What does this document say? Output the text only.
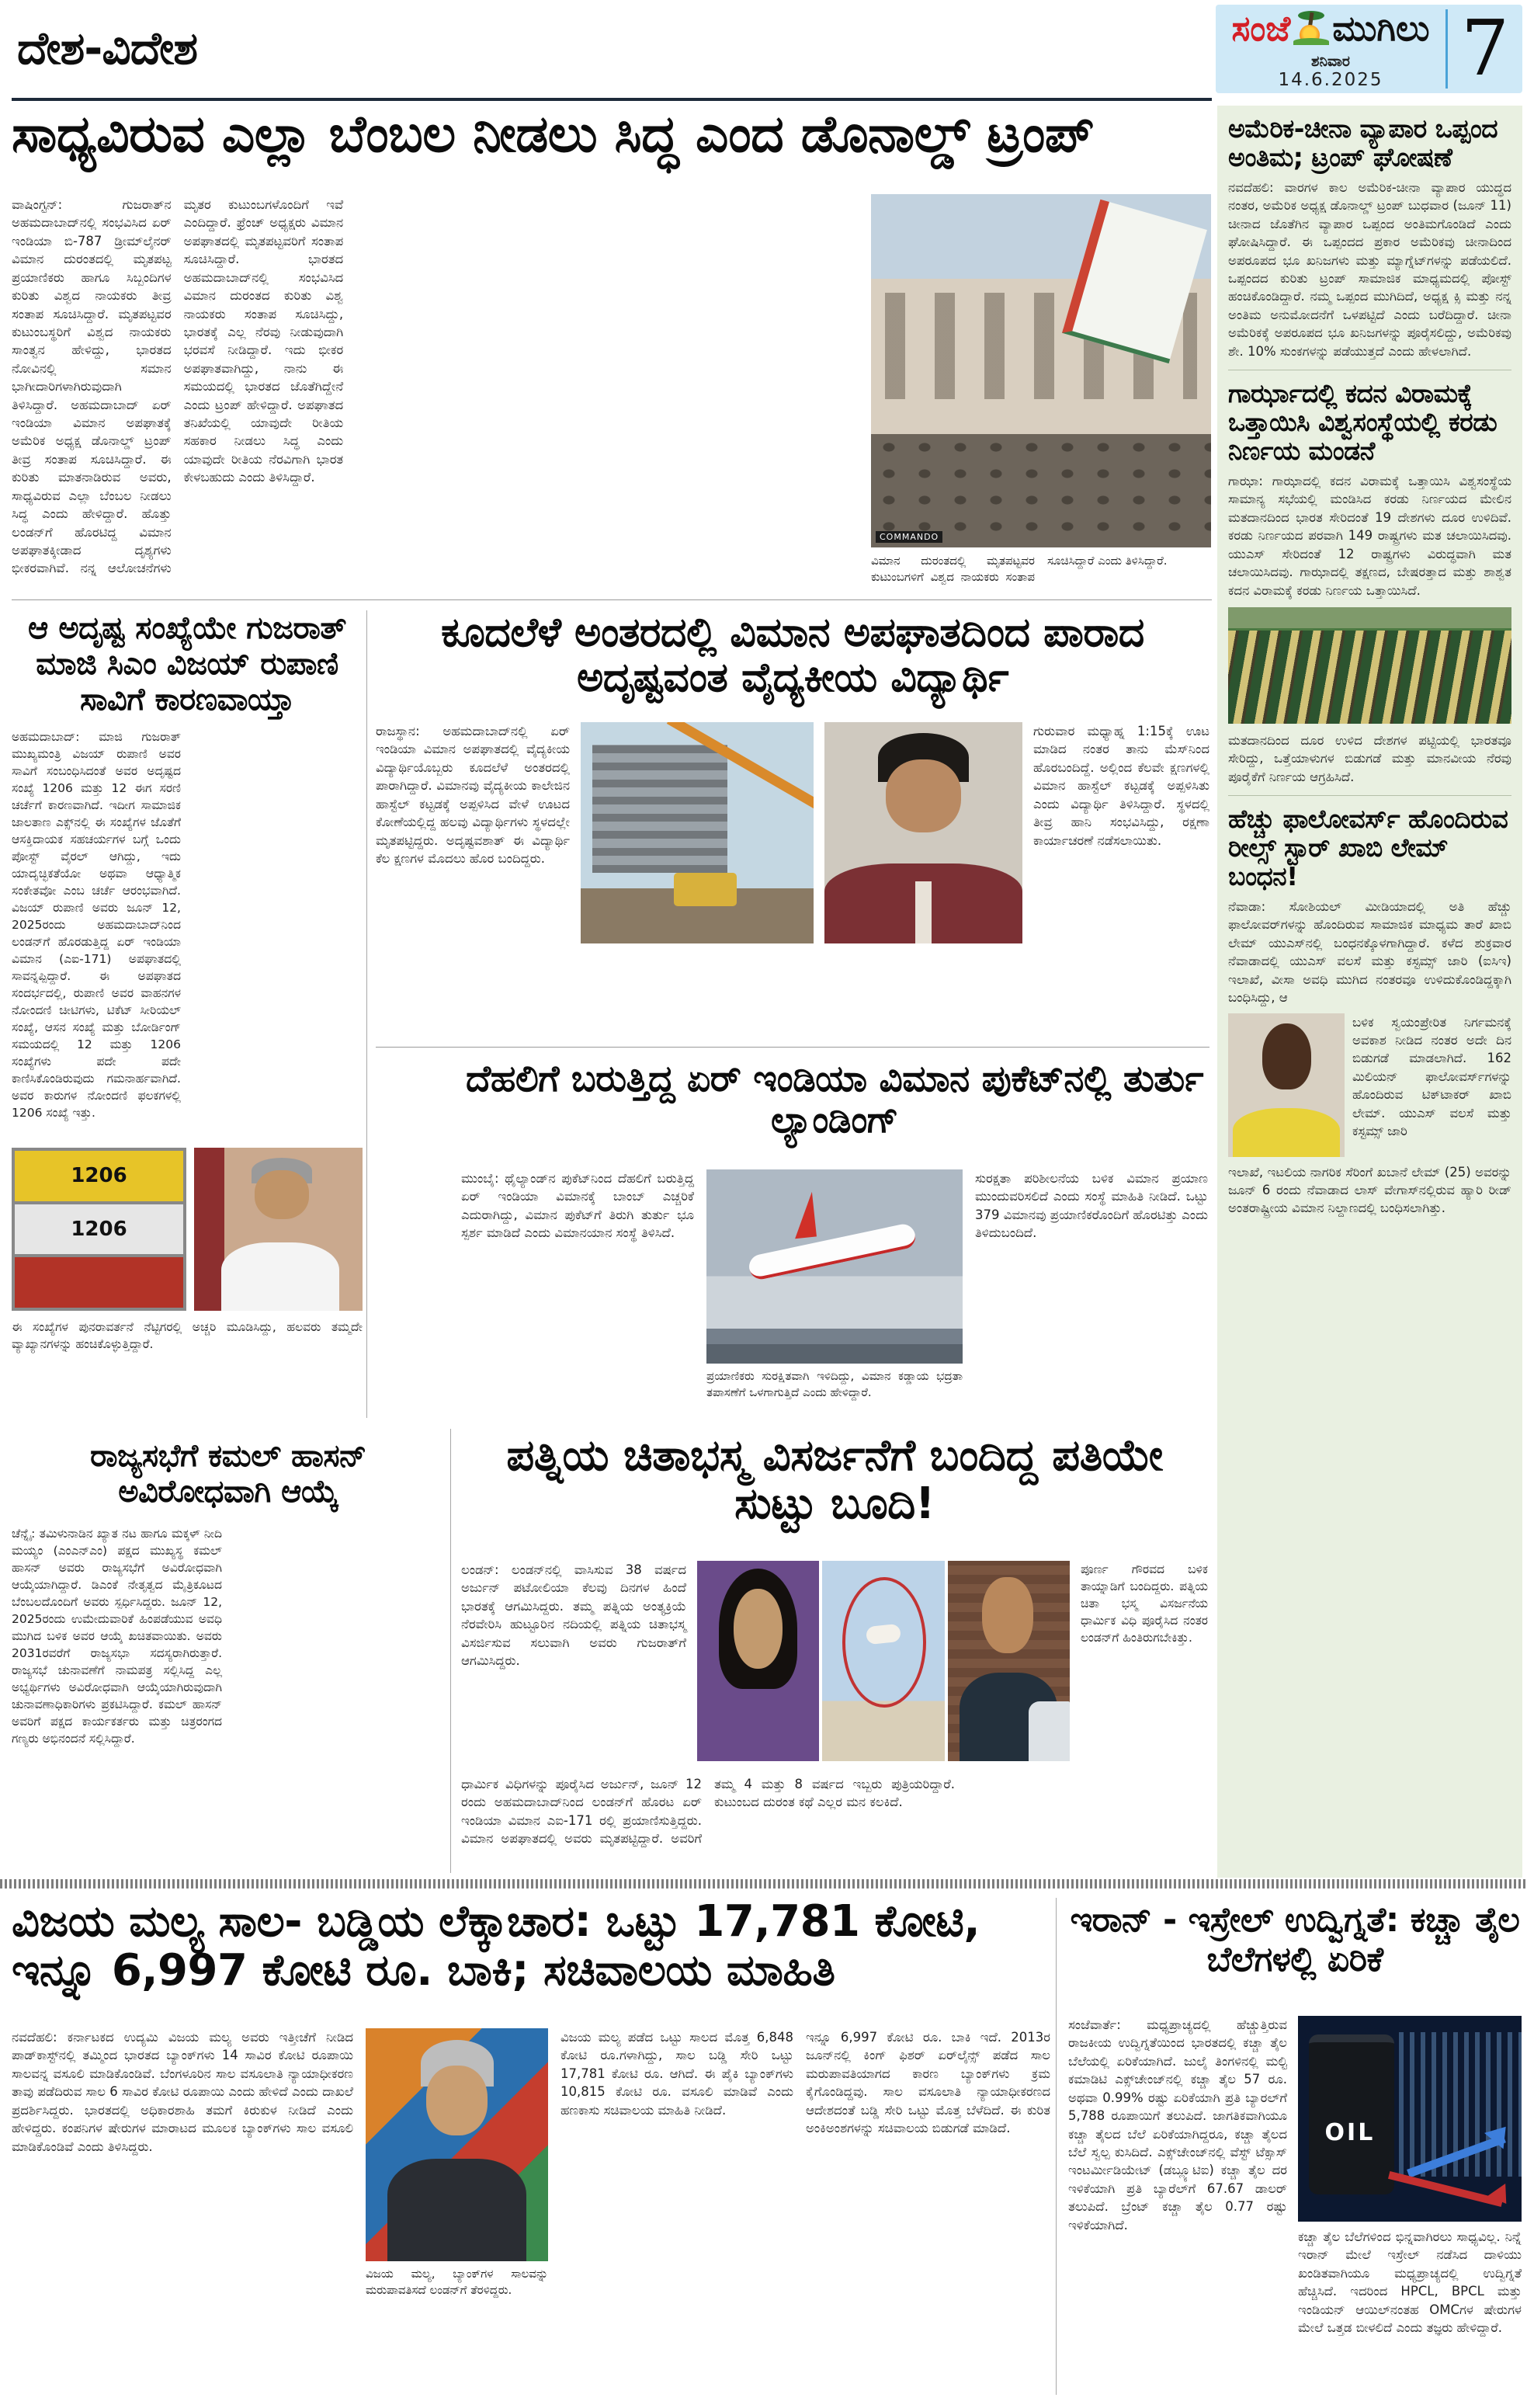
ದೇಶ-ವಿದೇಶ	ಸಂಜೆ ಮುಗಿಲು
ಶನಿವಾರ
14.6.2025 7
ಸಾಧ್ಯವಿರುವ ಎಲ್ಲಾ ಬೆಂಬಲ ನೀಡಲು ಸಿದ್ಧ ಎಂದ ಡೊನಾಲ್ಡ್ ಟ್ರಂಪ್
ವಾಷಿಂಗ್ಟನ್: ಗುಜರಾತ್‌ನ ಅಹಮದಾಬಾದ್‌ನಲ್ಲಿ ಸಂಭವಿಸಿದ ಏರ್ ಇಂಡಿಯಾ ಬಿ-787 ಡ್ರೀಮ್‌ಲೈನರ್ ವಿಮಾನ ದುರಂತದಲ್ಲಿ ಮೃತಪಟ್ಟ ಪ್ರಯಾಣಿಕರು ಹಾಗೂ ಸಿಬ್ಬಂದಿಗಳ ಕುರಿತು ವಿಶ್ವದ ನಾಯಕರು ತೀವ್ರ ಸಂತಾಪ ಸೂಚಿಸಿದ್ದಾರೆ. ಮೃತಪಟ್ಟವರ ಕುಟುಂಬಸ್ಥರಿಗೆ ವಿಶ್ವದ ನಾಯಕರು ಸಾಂತ್ವನ ಹೇಳಿದ್ದು, ಭಾರತದ ನೋವಿನಲ್ಲಿ ಸಮಾನ ಭಾಗೀದಾರಿಗಳಾಗಿರುವುದಾಗಿ ತಿಳಿಸಿದ್ದಾರೆ. ಅಹಮದಾಬಾದ್ ಏರ್ ಇಂಡಿಯಾ ವಿಮಾನ ಅಪಘಾತಕ್ಕೆ ಅಮೆರಿಕ ಅಧ್ಯಕ್ಷ ಡೊನಾಲ್ಡ್ ಟ್ರಂಪ್ ತೀವ್ರ ಸಂತಾಪ ಸೂಚಿಸಿದ್ದಾರೆ. ಈ ಕುರಿತು ಮಾತನಾಡಿರುವ ಅವರು, ಸಾಧ್ಯವಿರುವ ಎಲ್ಲಾ ಬೆಂಬಲ ನೀಡಲು ಸಿದ್ಧ ಎಂದು ಹೇಳಿದ್ದಾರೆ. ಹೊತ್ತು ಲಂಡನ್‌ಗೆ ಹೊರಟಿದ್ದ ವಿಮಾನ ಅಪಘಾತಕ್ಕೀಡಾದ ದೃಶ್ಯಗಳು ಭೀಕರವಾಗಿವೆ. ನನ್ನ ಆಲೋಚನೆಗಳು ಮೃತರ ಕುಟುಂಬಗಳೊಂದಿಗೆ ಇವೆ ಎಂದಿದ್ದಾರೆ. ಫ್ರೆಂಚ್ ಅಧ್ಯಕ್ಷರು ವಿಮಾನ ಅಪಘಾತದಲ್ಲಿ ಮೃತಪಟ್ಟವರಿಗೆ ಸಂತಾಪ ಸೂಚಿಸಿದ್ದಾರೆ. ಭಾರತದ ಅಹಮದಾಬಾದ್‌ನಲ್ಲಿ ಸಂಭವಿಸಿದ ವಿಮಾನ ದುರಂತದ ಕುರಿತು ವಿಶ್ವ ನಾಯಕರು ಸಂತಾಪ ಸೂಚಿಸಿದ್ದು, ಭಾರತಕ್ಕೆ ಎಲ್ಲ ನೆರವು ನೀಡುವುದಾಗಿ ಭರವಸೆ ನೀಡಿದ್ದಾರೆ. ಇದು ಭೀಕರ ಅಪಘಾತವಾಗಿದ್ದು, ನಾನು ಈ ಸಮಯದಲ್ಲಿ ಭಾರತದ ಜೊತೆಗಿದ್ದೇನೆ ಎಂದು ಟ್ರಂಪ್ ಹೇಳಿದ್ದಾರೆ. ಅಪಘಾತದ ತನಿಖೆಯಲ್ಲಿ ಯಾವುದೇ ರೀತಿಯ ಸಹಕಾರ ನೀಡಲು ಸಿದ್ಧ ಎಂದು ಯಾವುದೇ ರೀತಿಯ ನೆರವಿಗಾಗಿ ಭಾರತ ಕೇಳಬಹುದು ಎಂದು ತಿಳಿಸಿದ್ದಾರೆ.
COMMANDO
ವಿಮಾನ ದುರಂತದಲ್ಲಿ ಮೃತಪಟ್ಟವರ ಕುಟುಂಬಗಳಿಗೆ ವಿಶ್ವದ ನಾಯಕರು ಸಂತಾಪ ಸೂಚಿಸಿದ್ದಾರೆ ಎಂದು ತಿಳಿಸಿದ್ದಾರೆ.
ಅಮೆರಿಕ-ಚೀನಾ ವ್ಯಾಪಾರ ಒಪ್ಪಂದ ಅಂತಿಮ; ಟ್ರಂಪ್ ಘೋಷಣೆ
ನವದೆಹಲಿ: ವಾರಗಳ ಕಾಲ ಅಮೆರಿಕ-ಚೀನಾ ವ್ಯಾಪಾರ ಯುದ್ಧದ ನಂತರ, ಅಮೆರಿಕ ಅಧ್ಯಕ್ಷ ಡೊನಾಲ್ಡ್ ಟ್ರಂಪ್ ಬುಧವಾರ (ಜೂನ್ 11) ಚೀನಾದ ಜೊತೆಗಿನ ವ್ಯಾಪಾರ ಒಪ್ಪಂದ ಅಂತಿಮಗೊಂಡಿದೆ ಎಂದು ಘೋಷಿಸಿದ್ದಾರೆ. ಈ ಒಪ್ಪಂದದ ಪ್ರಕಾರ ಅಮೆರಿಕವು ಚೀನಾದಿಂದ ಅಪರೂಪದ ಭೂ ಖನಿಜಗಳು ಮತ್ತು ಮ್ಯಾಗ್ನೆಟ್‌ಗಳನ್ನು ಪಡೆಯಲಿದೆ. ಒಪ್ಪಂದದ ಕುರಿತು ಟ್ರಂಪ್ ಸಾಮಾಜಿಕ ಮಾಧ್ಯಮದಲ್ಲಿ ಪೋಸ್ಟ್ ಹಂಚಿಕೊಂಡಿದ್ದಾರೆ. ನಮ್ಮ ಒಪ್ಪಂದ ಮುಗಿದಿದೆ, ಅಧ್ಯಕ್ಷ ಕ್ಸಿ ಮತ್ತು ನನ್ನ ಅಂತಿಮ ಅನುಮೋದನೆಗೆ ಒಳಪಟ್ಟಿದೆ ಎಂದು ಬರೆದಿದ್ದಾರೆ. ಚೀನಾ ಅಮೆರಿಕಕ್ಕೆ ಅಪರೂಪದ ಭೂ ಖನಿಜಗಳನ್ನು ಪೂರೈಸಲಿದ್ದು, ಅಮೆರಿಕವು ಶೇ. 10% ಸುಂಕಗಳನ್ನು ಪಡೆಯುತ್ತದೆ ಎಂದು ಹೇಳಲಾಗಿದೆ.
ಗಾರ್ಝಾದಲ್ಲಿ ಕದನ ವಿರಾಮಕ್ಕೆ ಒತ್ತಾಯಿಸಿ ವಿಶ್ವಸಂಸ್ಥೆಯಲ್ಲಿ ಕರಡು ನಿರ್ಣಯ ಮಂಡನೆ
ಗಾಝಾ: ಗಾಝಾದಲ್ಲಿ ಕದನ ವಿರಾಮಕ್ಕೆ ಒತ್ತಾಯಿಸಿ ವಿಶ್ವಸಂಸ್ಥೆಯ ಸಾಮಾನ್ಯ ಸಭೆಯಲ್ಲಿ ಮಂಡಿಸಿದ ಕರಡು ನಿರ್ಣಯದ ಮೇಲಿನ ಮತದಾನದಿಂದ ಭಾರತ ಸೇರಿದಂತೆ 19 ದೇಶಗಳು ದೂರ ಉಳಿದಿವೆ. ಕರಡು ನಿರ್ಣಯದ ಪರವಾಗಿ 149 ರಾಷ್ಟ್ರಗಳು ಮತ ಚಲಾಯಿಸಿದವು. ಯುಎಸ್ ಸೇರಿದಂತೆ 12 ರಾಷ್ಟ್ರಗಳು ವಿರುದ್ಧವಾಗಿ ಮತ ಚಲಾಯಿಸಿದವು. ಗಾಝಾದಲ್ಲಿ ತಕ್ಷಣದ, ಬೇಷರತ್ತಾದ ಮತ್ತು ಶಾಶ್ವತ ಕದನ ವಿರಾಮಕ್ಕೆ ಕರಡು ನಿರ್ಣಯ ಒತ್ತಾಯಿಸಿದೆ.
ಮತದಾನದಿಂದ ದೂರ ಉಳಿದ ದೇಶಗಳ ಪಟ್ಟಿಯಲ್ಲಿ ಭಾರತವೂ ಸೇರಿದ್ದು, ಒತ್ತೆಯಾಳುಗಳ ಬಿಡುಗಡೆ ಮತ್ತು ಮಾನವೀಯ ನೆರವು ಪೂರೈಕೆಗೆ ನಿರ್ಣಯ ಆಗ್ರಹಿಸಿದೆ.
ಹೆಚ್ಚು ಫಾಲೋವರ್ಸ್ ಹೊಂದಿರುವ ರೀಲ್ಸ್ ಸ್ಟಾರ್ ಖಾಬಿ ಲೇಮ್ ಬಂಧನ!
ನೆವಾಡಾ: ಸೋಶಿಯಲ್ ಮೀಡಿಯಾದಲ್ಲಿ ಅತಿ ಹೆಚ್ಚು ಫಾಲೋವರ್‌ಗಳನ್ನು ಹೊಂದಿರುವ ಸಾಮಾಜಿಕ ಮಾಧ್ಯಮ ತಾರೆ ಖಾಬಿ ಲೇಮ್ ಯುಎಸ್‌ನಲ್ಲಿ ಬಂಧನಕ್ಕೊಳಗಾಗಿದ್ದಾರೆ. ಕಳೆದ ಶುಕ್ರವಾರ ನೆವಾಡಾದಲ್ಲಿ ಯುಎಸ್ ವಲಸೆ ಮತ್ತು ಕಸ್ಟಮ್ಸ್ ಜಾರಿ (ಐಸಿಇ) ಇಲಾಖೆ, ವೀಸಾ ಅವಧಿ ಮುಗಿದ ನಂತರವೂ ಉಳಿದುಕೊಂಡಿದ್ದಕ್ಕಾಗಿ ಬಂಧಿಸಿದ್ದು, ಆ
ಬಳಿಕ ಸ್ವಯಂಪ್ರೇರಿತ ನಿರ್ಗಮನಕ್ಕೆ ಅವಕಾಶ ನೀಡಿದ ನಂತರ ಅದೇ ದಿನ ಬಿಡುಗಡೆ ಮಾಡಲಾಗಿದೆ. 162 ಮಿಲಿಯನ್ ಫಾಲೋವರ್ಸ್‌ಗಳನ್ನು ಹೊಂದಿರುವ ಟಿಕ್‌ಟಾಕರ್ ಖಾಬಿ ಲೇಮ್. ಯುಎಸ್ ವಲಸೆ ಮತ್ತು ಕಸ್ಟಮ್ಸ್ ಜಾರಿ
ಇಲಾಖೆ, ಇಟಲಿಯ ನಾಗರಿಕ ಸೆರಿಂಗೆ ಖಬಾನೆ ಲೇಮ್ (25) ಅವರನ್ನು ಜೂನ್ 6 ರಂದು ನೆವಾಡಾದ ಲಾಸ್ ವೇಗಾಸ್‌ನಲ್ಲಿರುವ ಹ್ಯಾರಿ ರೀಡ್ ಅಂತರಾಷ್ಟ್ರೀಯ ವಿಮಾನ ನಿಲ್ದಾಣದಲ್ಲಿ ಬಂಧಿಸಲಾಗಿತ್ತು.
ಆ ಅದೃಷ್ಟ ಸಂಖ್ಯೆಯೇ ಗುಜರಾತ್ ಮಾಜಿ ಸಿಎಂ ವಿಜಯ್ ರುಪಾಣಿ ಸಾವಿಗೆ ಕಾರಣವಾಯ್ತಾ
ಅಹಮದಾಬಾದ್: ಮಾಜಿ ಗುಜರಾತ್ ಮುಖ್ಯಮಂತ್ರಿ ವಿಜಯ್ ರುಪಾಣಿ ಅವರ ಸಾವಿಗೆ ಸಂಬಂಧಿಸಿದಂತೆ ಅವರ ಅದೃಷ್ಟದ ಸಂಖ್ಯೆ 1206 ಮತ್ತು 12 ಈಗ ಸರಣಿ ಚರ್ಚೆಗೆ ಕಾರಣವಾಗಿದೆ. ಇದೀಗ ಸಾಮಾಜಿಕ ಜಾಲತಾಣ ಎಕ್ಸ್‌ನಲ್ಲಿ ಈ ಸಂಖ್ಯೆಗಳ ಜೊತೆಗೆ ಆಸಕ್ತಿದಾಯಕ ಸಹಚರ್ಯಗಳ ಬಗ್ಗೆ ಒಂದು ಪೋಸ್ಟ್ ವೈರಲ್ ಆಗಿದ್ದು, ಇದು ಯಾದೃಚ್ಛಿಕತೆಯೋ ಅಥವಾ ಆಧ್ಯಾತ್ಮಿಕ ಸಂಕೇತವೋ ಎಂಬ ಚರ್ಚೆ ಆರಂಭವಾಗಿದೆ. ವಿಜಯ್ ರುಪಾಣಿ ಅವರು ಜೂನ್ 12, 2025ರಂದು ಅಹಮದಾಬಾದ್‌ನಿಂದ ಲಂಡನ್‌ಗೆ ಹೊರಡುತ್ತಿದ್ದ ಏರ್ ಇಂಡಿಯಾ ವಿಮಾನ (ಎಐ-171) ಅಪಘಾತದಲ್ಲಿ ಸಾವನ್ನಪ್ಪಿದ್ದಾರೆ. ಈ ಅಪಘಾತದ ಸಂದರ್ಭದಲ್ಲಿ, ರುಪಾಣಿ ಅವರ ವಾಹನಗಳ ನೋಂದಣಿ ಚೀಟಿಗಳು, ಟಿಕೆಟ್ ಸೀರಿಯಲ್ ಸಂಖ್ಯೆ, ಆಸನ ಸಂಖ್ಯೆ ಮತ್ತು ಬೋರ್ಡಿಂಗ್ ಸಮಯದಲ್ಲಿ 12 ಮತ್ತು 1206 ಸಂಖ್ಯೆಗಳು ಪದೇ ಪದೇ ಕಾಣಿಸಿಕೊಂಡಿರುವುದು ಗಮನಾರ್ಹವಾಗಿದೆ. ಅವರ ಕಾರುಗಳ ನೋಂದಣಿ ಫಲಕಗಳಲ್ಲಿ 1206 ಸಂಖ್ಯೆ ಇತ್ತು.
1206
1206
ಈ ಸಂಖ್ಯೆಗಳ ಪುನರಾವರ್ತನೆ ನೆಟ್ಟಿಗರಲ್ಲಿ ಅಚ್ಚರಿ ಮೂಡಿಸಿದ್ದು, ಹಲವರು ತಮ್ಮದೇ ವ್ಯಾಖ್ಯಾನಗಳನ್ನು ಹಂಚಿಕೊಳ್ಳುತ್ತಿದ್ದಾರೆ.
ಕೂದಲೆಳೆ ಅಂತರದಲ್ಲಿ ವಿಮಾನ ಅಪಘಾತದಿಂದ ಪಾರಾದ ಅದೃಷ್ಟವಂತ ವೈದ್ಯಕೀಯ ವಿದ್ಯಾರ್ಥಿ
ರಾಜಸ್ಥಾನ: ಅಹಮದಾಬಾದ್‌ನಲ್ಲಿ ಏರ್ ಇಂಡಿಯಾ ವಿಮಾನ ಅಪಘಾತದಲ್ಲಿ ವೈದ್ಯಕೀಯ ವಿದ್ಯಾರ್ಥಿಯೊಬ್ಬರು ಕೂದಲೆಳೆ ಅಂತರದಲ್ಲಿ ಪಾರಾಗಿದ್ದಾರೆ. ವಿಮಾನವು ವೈದ್ಯಕೀಯ ಕಾಲೇಜಿನ ಹಾಸ್ಟೆಲ್ ಕಟ್ಟಡಕ್ಕೆ ಅಪ್ಪಳಿಸಿದ ವೇಳೆ ಊಟದ ಕೋಣೆಯಲ್ಲಿದ್ದ ಹಲವು ವಿದ್ಯಾರ್ಥಿಗಳು ಸ್ಥಳದಲ್ಲೇ ಮೃತಪಟ್ಟಿದ್ದರು. ಅದೃಷ್ಟವಶಾತ್ ಈ ವಿದ್ಯಾರ್ಥಿ ಕೆಲ ಕ್ಷಣಗಳ ಮೊದಲು ಹೊರ ಬಂದಿದ್ದರು.
ಗುರುವಾರ ಮಧ್ಯಾಹ್ನ 1:15ಕ್ಕೆ ಊಟ ಮಾಡಿದ ನಂತರ ತಾನು ಮೆಸ್‌ನಿಂದ ಹೊರಬಂದಿದ್ದೆ. ಅಲ್ಲಿಂದ ಕೆಲವೇ ಕ್ಷಣಗಳಲ್ಲಿ ವಿಮಾನ ಹಾಸ್ಟೆಲ್ ಕಟ್ಟಡಕ್ಕೆ ಅಪ್ಪಳಿಸಿತು ಎಂದು ವಿದ್ಯಾರ್ಥಿ ತಿಳಿಸಿದ್ದಾರೆ. ಸ್ಥಳದಲ್ಲಿ ತೀವ್ರ ಹಾನಿ ಸಂಭವಿಸಿದ್ದು, ರಕ್ಷಣಾ ಕಾರ್ಯಾಚರಣೆ ನಡೆಸಲಾಯಿತು.
ದೆಹಲಿಗೆ ಬರುತ್ತಿದ್ದ ಏರ್ ಇಂಡಿಯಾ ವಿಮಾನ ಪುಕೆಟ್‌ನಲ್ಲಿ ತುರ್ತು ಲ್ಯಾಂಡಿಂಗ್
ಮುಂಬೈ: ಥೈಲ್ಯಾಂಡ್‌ನ ಪುಕೆಟ್‌ನಿಂದ ದೆಹಲಿಗೆ ಬರುತ್ತಿದ್ದ ಏರ್ ಇಂಡಿಯಾ ವಿಮಾನಕ್ಕೆ ಬಾಂಬ್ ಎಚ್ಚರಿಕೆ ಎದುರಾಗಿದ್ದು, ವಿಮಾನ ಪುಕೆಟ್‌ಗೆ ತಿರುಗಿ ತುರ್ತು ಭೂ ಸ್ಪರ್ಶ ಮಾಡಿದೆ ಎಂದು ವಿಮಾನಯಾನ ಸಂಸ್ಥೆ ತಿಳಿಸಿದೆ.
ಪ್ರಯಾಣಿಕರು ಸುರಕ್ಷಿತವಾಗಿ ಇಳಿದಿದ್ದು, ವಿಮಾನ ಕಡ್ಡಾಯ ಭದ್ರತಾ ತಪಾಸಣೆಗೆ ಒಳಗಾಗುತ್ತಿದೆ ಎಂದು ಹೇಳಿದ್ದಾರೆ.
ಸುರಕ್ಷತಾ ಪರಿಶೀಲನೆಯ ಬಳಿಕ ವಿಮಾನ ಪ್ರಯಾಣ ಮುಂದುವರಿಸಲಿದೆ ಎಂದು ಸಂಸ್ಥೆ ಮಾಹಿತಿ ನೀಡಿದೆ. ಒಟ್ಟು 379 ವಿಮಾನವು ಪ್ರಯಾಣಿಕರೊಂದಿಗೆ ಹೊರಟಿತ್ತು ಎಂದು ತಿಳಿದುಬಂದಿದೆ.
ರಾಜ್ಯಸಭೆಗೆ ಕಮಲ್ ಹಾಸನ್ ಅವಿರೋಧವಾಗಿ ಆಯ್ಕೆ
ಚೆನ್ನೈ: ತಮಿಳುನಾಡಿನ ಖ್ಯಾತ ನಟ ಹಾಗೂ ಮಕ್ಕಳ್ ನೀದಿ ಮಯ್ಯಂ (ಎಂಎನ್ಎಂ) ಪಕ್ಷದ ಮುಖ್ಯಸ್ಥ ಕಮಲ್ ಹಾಸನ್ ಅವರು ರಾಜ್ಯಸಭೆಗೆ ಅವಿರೋಧವಾಗಿ ಆಯ್ಕೆಯಾಗಿದ್ದಾರೆ. ಡಿಎಂಕೆ ನೇತೃತ್ವದ ಮೈತ್ರಿಕೂಟದ ಬೆಂಬಲದೊಂದಿಗೆ ಅವರು ಸ್ಪರ್ಧಿಸಿದ್ದರು. ಜೂನ್ 12, 2025ರಂದು ಉಮೇದುವಾರಿಕೆ ಹಿಂಪಡೆಯುವ ಅವಧಿ ಮುಗಿದ ಬಳಿಕ ಅವರ ಆಯ್ಕೆ ಖಚಿತವಾಯಿತು. ಅವರು 2031ರವರೆಗೆ ರಾಜ್ಯಸಭಾ ಸದಸ್ಯರಾಗಿರುತ್ತಾರೆ. ರಾಜ್ಯಸಭೆ ಚುನಾವಣೆಗೆ ನಾಮಪತ್ರ ಸಲ್ಲಿಸಿದ್ದ ಎಲ್ಲ ಅಭ್ಯರ್ಥಿಗಳು ಅವಿರೋಧವಾಗಿ ಆಯ್ಕೆಯಾಗಿರುವುದಾಗಿ ಚುನಾವಣಾಧಿಕಾರಿಗಳು ಪ್ರಕಟಿಸಿದ್ದಾರೆ. ಕಮಲ್ ಹಾಸನ್ ಅವರಿಗೆ ಪಕ್ಷದ ಕಾರ್ಯಕರ್ತರು ಮತ್ತು ಚಿತ್ರರಂಗದ ಗಣ್ಯರು ಅಭಿನಂದನೆ ಸಲ್ಲಿಸಿದ್ದಾರೆ.
ಪತ್ನಿಯ ಚಿತಾಭಸ್ಮ ವಿಸರ್ಜನೆಗೆ ಬಂದಿದ್ದ ಪತಿಯೇ ಸುಟ್ಟು ಬೂದಿ!
ಲಂಡನ್: ಲಂಡನ್‌ನಲ್ಲಿ ವಾಸಿಸುವ 38 ವರ್ಷದ ಅರ್ಜುನ್ ಪಟೋಲಿಯಾ ಕೆಲವು ದಿನಗಳ ಹಿಂದೆ ಭಾರತಕ್ಕೆ ಆಗಮಿಸಿದ್ದರು. ತಮ್ಮ ಪತ್ನಿಯ ಅಂತ್ಯಕ್ರಿಯೆ ನೆರವೇರಿಸಿ ಹುಟ್ಟೂರಿನ ನದಿಯಲ್ಲಿ ಪತ್ನಿಯ ಚಿತಾಭಸ್ಮ ವಿಸರ್ಜಿಸುವ ಸಲುವಾಗಿ ಅವರು ಗುಜರಾತ್‌ಗೆ ಆಗಮಿಸಿದ್ದರು.
ಪೂರ್ಣ ಗೌರವದ ಬಳಿಕ ತಾಯ್ನಾಡಿಗೆ ಬಂದಿದ್ದರು. ಪತ್ನಿಯ ಚಿತಾ ಭಸ್ಮ ವಿಸರ್ಜನೆಯ ಧಾರ್ಮಿಕ ವಿಧಿ ಪೂರೈಸಿದ ನಂತರ ಲಂಡನ್‌ಗೆ ಹಿಂತಿರುಗಬೇಕಿತ್ತು.
ಧಾರ್ಮಿಕ ವಿಧಿಗಳನ್ನು ಪೂರೈಸಿದ ಅರ್ಜುನ್, ಜೂನ್ 12 ರಂದು ಅಹಮದಾಬಾದ್‌ನಿಂದ ಲಂಡನ್‌ಗೆ ಹೊರಟ ಏರ್ ಇಂಡಿಯಾ ವಿಮಾನ ಎಐ-171 ರಲ್ಲಿ ಪ್ರಯಾಣಿಸುತ್ತಿದ್ದರು. ವಿಮಾನ ಅಪಘಾತದಲ್ಲಿ ಅವರು ಮೃತಪಟ್ಟಿದ್ದಾರೆ. ಅವರಿಗೆ ತಮ್ಮ 4 ಮತ್ತು 8 ವರ್ಷದ ಇಬ್ಬರು ಪುತ್ರಿಯರಿದ್ದಾರೆ. ಕುಟುಂಬದ ದುರಂತ ಕಥೆ ಎಲ್ಲರ ಮನ ಕಲಕಿದೆ.
ವಿಜಯ ಮಲ್ಯ ಸಾಲ- ಬಡ್ಡಿಯ ಲೆಕ್ಕಾಚಾರ: ಒಟ್ಟು 17,781 ಕೋಟಿ, ಇನ್ನೂ 6,997 ಕೋಟಿ ರೂ. ಬಾಕಿ; ಸಚಿವಾಲಯ ಮಾಹಿತಿ
ನವದೆಹಲಿ: ಕರ್ನಾಟಕದ ಉದ್ಯಮಿ ವಿಜಯ ಮಲ್ಯ ಅವರು ಇತ್ತೀಚೆಗೆ ನೀಡಿದ ಪಾಡ್‌ಕಾಸ್ಟ್‌ನಲ್ಲಿ ತಮ್ಮಿಂದ ಭಾರತದ ಬ್ಯಾಂಕ್‌ಗಳು 14 ಸಾವಿರ ಕೋಟಿ ರೂಪಾಯಿ ಸಾಲವನ್ನ ವಸೂಲಿ ಮಾಡಿಕೊಂಡಿವೆ. ಬೆಂಗಳೂರಿನ ಸಾಲ ವಸೂಲಾತಿ ನ್ಯಾಯಾಧೀಕರಣ ತಾವು ಪಡೆದಿರುವ ಸಾಲ 6 ಸಾವಿರ ಕೋಟಿ ರೂಪಾಯಿ ಎಂದು ಹೇಳಿದೆ ಎಂದು ದಾಖಲೆ ಪ್ರದರ್ಶಿಸಿದ್ದರು. ಭಾರತದಲ್ಲಿ ಅಧಿಕಾರಶಾಹಿ ತಮಗೆ ಕಿರುಕುಳ ನೀಡಿದೆ ಎಂದು ಹೇಳಿದ್ದರು. ಕಂಪನಿಗಳ ಷೇರುಗಳ ಮಾರಾಟದ ಮೂಲಕ ಬ್ಯಾಂಕ್‌ಗಳು ಸಾಲ ವಸೂಲಿ ಮಾಡಿಕೊಂಡಿವೆ ಎಂದು ತಿಳಿಸಿದ್ದರು.
ವಿಜಯ ಮಲ್ಯ, ಬ್ಯಾಂಕ್‌ಗಳ ಸಾಲವನ್ನು ಮರುಪಾವತಿಸದೆ ಲಂಡನ್‌ಗೆ ತೆರಳಿದ್ದರು.
ವಿಜಯ ಮಲ್ಯ ಪಡೆದ ಒಟ್ಟು ಸಾಲದ ಮೊತ್ತ 6,848 ಕೋಟಿ ರೂ.ಗಳಾಗಿದ್ದು, ಸಾಲ ಬಡ್ಡಿ ಸೇರಿ ಒಟ್ಟು 17,781 ಕೋಟಿ ರೂ. ಆಗಿದೆ. ಈ ಪೈಕಿ ಬ್ಯಾಂಕ್‌ಗಳು 10,815 ಕೋಟಿ ರೂ. ವಸೂಲಿ ಮಾಡಿವೆ ಎಂದು ಹಣಕಾಸು ಸಚಿವಾಲಯ ಮಾಹಿತಿ ನೀಡಿದೆ.
ಇನ್ನೂ 6,997 ಕೋಟಿ ರೂ. ಬಾಕಿ ಇದೆ. 2013ರ ಜೂನ್‌ನಲ್ಲಿ ಕಿಂಗ್ ಫಿಶರ್ ಏರ್‌ಲೈನ್ಸ್ ಪಡೆದ ಸಾಲ ಮರುಪಾವತಿಯಾಗದ ಕಾರಣ ಬ್ಯಾಂಕ್‌ಗಳು ಕ್ರಮ ಕೈಗೊಂಡಿದ್ದವು. ಸಾಲ ವಸೂಲಾತಿ ನ್ಯಾಯಾಧೀಕರಣದ ಆದೇಶದಂತೆ ಬಡ್ಡಿ ಸೇರಿ ಒಟ್ಟು ಮೊತ್ತ ಬೆಳೆದಿದೆ. ಈ ಕುರಿತ ಅಂಕಿಅಂಶಗಳನ್ನು ಸಚಿವಾಲಯ ಬಿಡುಗಡೆ ಮಾಡಿದೆ.
ಇರಾನ್ - ಇಸ್ರೇಲ್ ಉದ್ವಿಗ್ನತೆ: ಕಚ್ಚಾ ತೈಲ ಬೆಲೆಗಳಲ್ಲಿ ಏರಿಕೆ
ಸಂಜೆವಾರ್ತೆ: ಮಧ್ಯಪ್ರಾಚ್ಯದಲ್ಲಿ ಹೆಚ್ಚುತ್ತಿರುವ ರಾಜಕೀಯ ಉದ್ವಿಗ್ನತೆಯಿಂದ ಭಾರತದಲ್ಲಿ ಕಚ್ಚಾ ತೈಲ ಬೆಲೆಯಲ್ಲಿ ಏರಿಕೆಯಾಗಿದೆ. ಜುಲೈ ತಿಂಗಳಿನಲ್ಲಿ ಮಲ್ಟಿ ಕಮಾಡಿಟಿ ಎಕ್ಸ್‌ಚೇಂಜ್‌ನಲ್ಲಿ ಕಚ್ಚಾ ತೈಲ 57 ರೂ. ಅಥವಾ 0.99% ರಷ್ಟು ಏರಿಕೆಯಾಗಿ ಪ್ರತಿ ಬ್ಯಾರಲ್‌ಗೆ 5,788 ರೂಪಾಯಿಗೆ ತಲುಪಿದೆ. ಜಾಗತಿಕವಾಗಿಯೂ ಕಚ್ಚಾ ತೈಲದ ಬೆಲೆ ಏರಿಕೆಯಾಗಿದ್ದರೂ, ಕಚ್ಚಾ ತೈಲದ ಬೆಲೆ ಸ್ವಲ್ಪ ಕುಸಿದಿದೆ. ಎಕ್ಸ್‌ಚೇಂಜ್‌ನಲ್ಲಿ ವೆಸ್ಟ್ ಟೆಕ್ಸಾಸ್ ಇಂಟರ್ಮೀಡಿಯೇಟ್ (ಡಬ್ಲ್ಯೂಟಿಐ) ಕಚ್ಚಾ ತೈಲ ದರ ಇಳಿಕೆಯಾಗಿ ಪ್ರತಿ ಬ್ಯಾರೆಲ್‌ಗೆ 67.67 ಡಾಲರ್ ತಲುಪಿದೆ. ಬ್ರೆಂಟ್ ಕಚ್ಚಾ ತೈಲ 0.77 ರಷ್ಟು ಇಳಿಕೆಯಾಗಿದೆ.
OIL
ಕಚ್ಚಾ ತೈಲ ಬೆಲೆಗಳಿಂದ ಭಿನ್ನವಾಗಿರಲು ಸಾಧ್ಯವಿಲ್ಲ. ನಿನ್ನೆ ಇರಾನ್ ಮೇಲೆ ಇಸ್ರೇಲ್ ನಡೆಸಿದ ದಾಳಿಯು ಖಂಡಿತವಾಗಿಯೂ ಮಧ್ಯಪ್ರಾಚ್ಯದಲ್ಲಿ ಉದ್ವಿಗ್ನತೆ ಹೆಚ್ಚಿಸಿದೆ. ಇದರಿಂದ HPCL, BPCL ಮತ್ತು ಇಂಡಿಯನ್ ಆಯಿಲ್‌ನಂತಹ OMCಗಳ ಷೇರುಗಳ ಮೇಲೆ ಒತ್ತಡ ಬೀಳಲಿದೆ ಎಂದು ತಜ್ಞರು ಹೇಳಿದ್ದಾರೆ.
